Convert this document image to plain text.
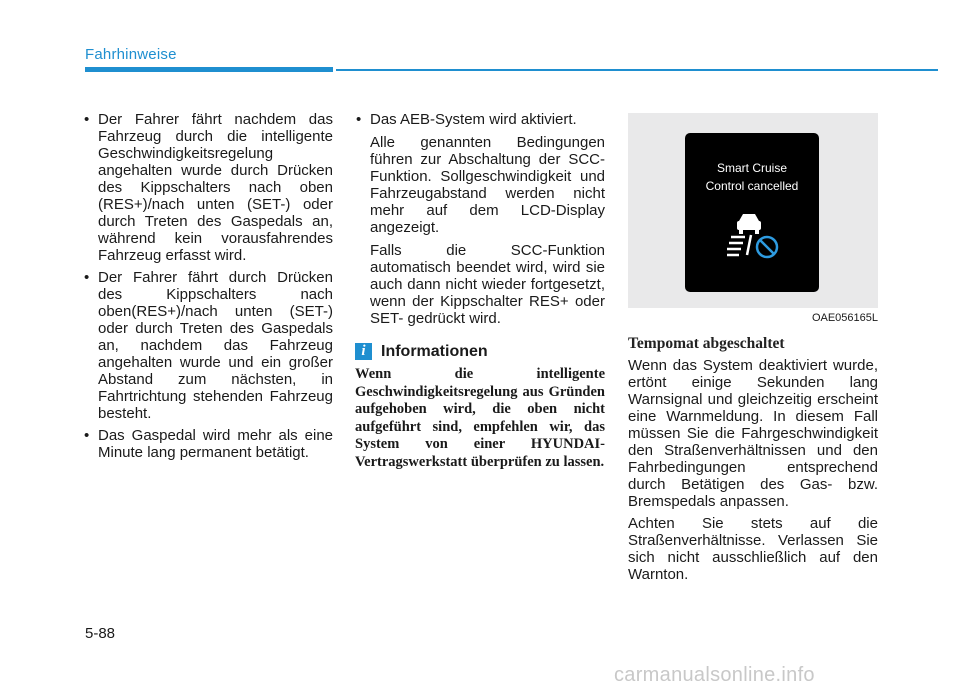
Fahrhinweise
• Der Fahrer fährt nachdem das Fahrzeug durch die intelligente Geschwindigkeitsregelung angehalten wurde durch Drücken des Kippschalters nach oben (RES+)/nach unten (SET-) oder durch Treten des Gaspedals an, während kein vorausfahrendes Fahrzeug erfasst wird.
• Der Fahrer fährt durch Drücken des Kippschalters nach oben(RES+)/nach unten (SET-) oder durch Treten des Gaspedals an, nachdem das Fahrzeug angehalten wurde und ein großer Abstand zum nächsten, in Fahrtrichtung stehenden Fahrzeug besteht.
• Das Gaspedal wird mehr als eine Minute lang permanent betätigt.
• Das AEB-System wird aktiviert.

Alle genannten Bedingungen führen zur Abschaltung der SCC-Funktion. Sollgeschwindigkeit und Fahrzeugabstand werden nicht mehr auf dem LCD-Display angezeigt.

Falls die SCC-Funktion automatisch beendet wird, wird sie auch dann nicht wieder fortgesetzt, wenn der Kippschalter RES+ oder SET- gedrückt wird.

i Informationen
Wenn die intelligente Geschwindigkeitsregelung aus Gründen aufgehoben wird, die oben nicht aufgeführt sind, empfehlen wir, das System von einer HYUNDAI-Vertragswerkstatt überprüfen zu lassen.
Smart Cruise
Control cancelled
OAE056165L
Tempomat abgeschaltet

Wenn das System deaktiviert wurde, ertönt einige Sekunden lang Warnsignal und gleichzeitig erscheint eine Warnmeldung. In diesem Fall müssen Sie die Fahrgeschwindigkeit den Straßenverhältnissen und den Fahrbedingungen entsprechend durch Betätigen des Gas- bzw. Bremspedals anpassen.

Achten Sie stets auf die Straßenverhältnisse. Verlassen Sie sich nicht ausschließlich auf den Warnton.

5-88
carmanualsonline.info
